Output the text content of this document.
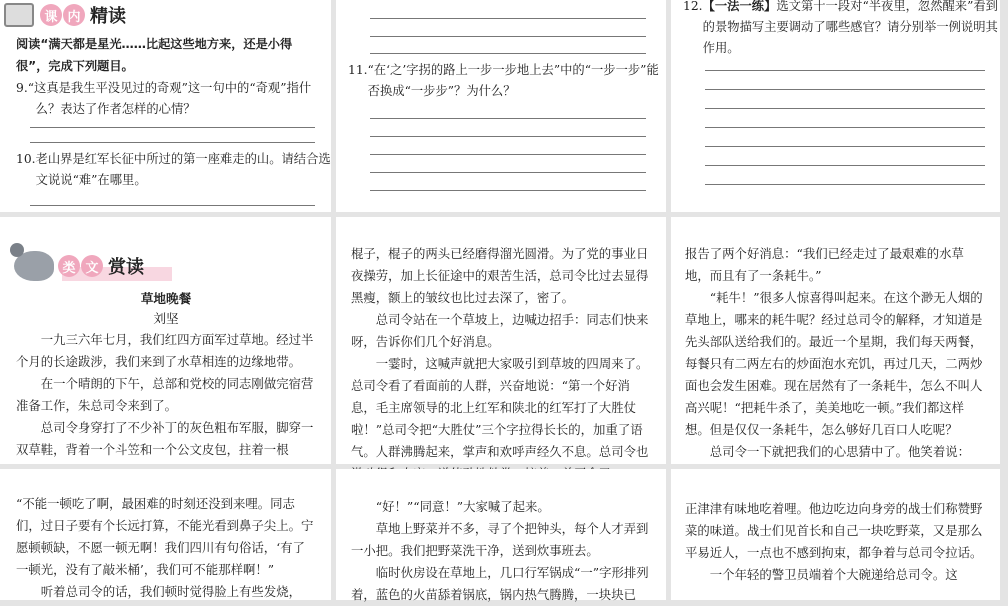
课 内 精读

阅读“满天都是星光……比起这些地方来，还是小得很”，完成下列题目。

9.“这真是我生平没见过的奇观”这一句中的“奇观”指什么？表达了作者怎样的心情？

10.老山界是红军长征中所过的第一座难走的山。请结合选文说说“难”在哪里。

11.“在‘之’字拐的路上一步一步地上去”中的“一步一步”能否换成“一步步”？为什么？

12.【一法一练】选文第十一段对“半夜里，忽然醒来”看到的景物描写主要调动了哪些感官？请分别举一例说明其作用。

类 文 赏读

草地晚餐

刘坚

一九三六年七月，我们红四方面军过草地。经过半个月的长途跋涉，我们来到了水草相连的边缘地带。

在一个晴朗的下午，总部和党校的同志刚做完宿营准备工作，朱总司令来到了。

总司令身穿打了不少补丁的灰色粗布军服，脚穿一双草鞋，背着一个斗笠和一个公文皮包，拄着一根

棍子，棍子的两头已经磨得溜光圆滑。为了党的事业日夜操劳，加上长征途中的艰苦生活，总司令比过去显得黑瘦，额上的皱纹也比过去深了，密了。

总司令站在一个草坡上，边喊边招手：同志们快来呀，告诉你们几个好消息。

一霎时，这喊声就把大家吸引到草坡的四周来了。总司令看了看面前的人群，兴奋地说：“第一个好消息，毛主席领导的北上红军和陕北的红军打了大胜仗啦！”总司令把“大胜仗”三个字拉得长长的，加重了语气。人群沸腾起来，掌声和欢呼声经久不息。总司令也

报告了两个好消息：“我们已经走过了最艰难的水草地，而且有了一条耗牛。”

“耗牛！”很多人惊喜得叫起来。在这个渺无人烟的草地上，哪来的耗牛呢？经过总司令的解释，才知道是先头部队送给我们的。最近一个星期，我们每天两餐，每餐只有二两左右的炒面泡水充饥，再过几天，二两炒面也会发生困难。现在居然有了一条耗牛，怎么不叫人高兴呢！“把耗牛杀了，美美地吃一顿。”我们都这样想。但是仅仅一条耗牛，怎么够好几百口人吃呢？

总司令一下就把我们的心思猜中了。他笑着说：

“不能一顿吃了啊，最困难的时刻还没到来哩。同志们，过日子要有个长远打算，不能光看到鼻子尖上。宁愿顿顿缺，不愿一顿无啊！我们四川有句俗话，‘有了一顿光，没有了敲米桶’，我们可不能那样啊！”

听着总司令的话，我们顿时觉得脸上有些发烧，

“好！”“同意！”大家喊了起来。

草地上野菜并不多，寻了个把钟头，每个人才弄到一小把。我们把野菜洗干净，送到炊事班去。

临时伙房设在草地上，几口行军锅成“一”字形排列着，蓝色的火苗舔着锅底，锅内热气腾腾，一块块已

正津津有味地吃着哩。他边吃边向身旁的战士们称赞野菜的味道。战士们见首长和自己一块吃野菜，又是那么平易近人，一点也不感到拘束，都争着与总司令拉话。

一个年轻的警卫员端着个大碗递给总司令。这
